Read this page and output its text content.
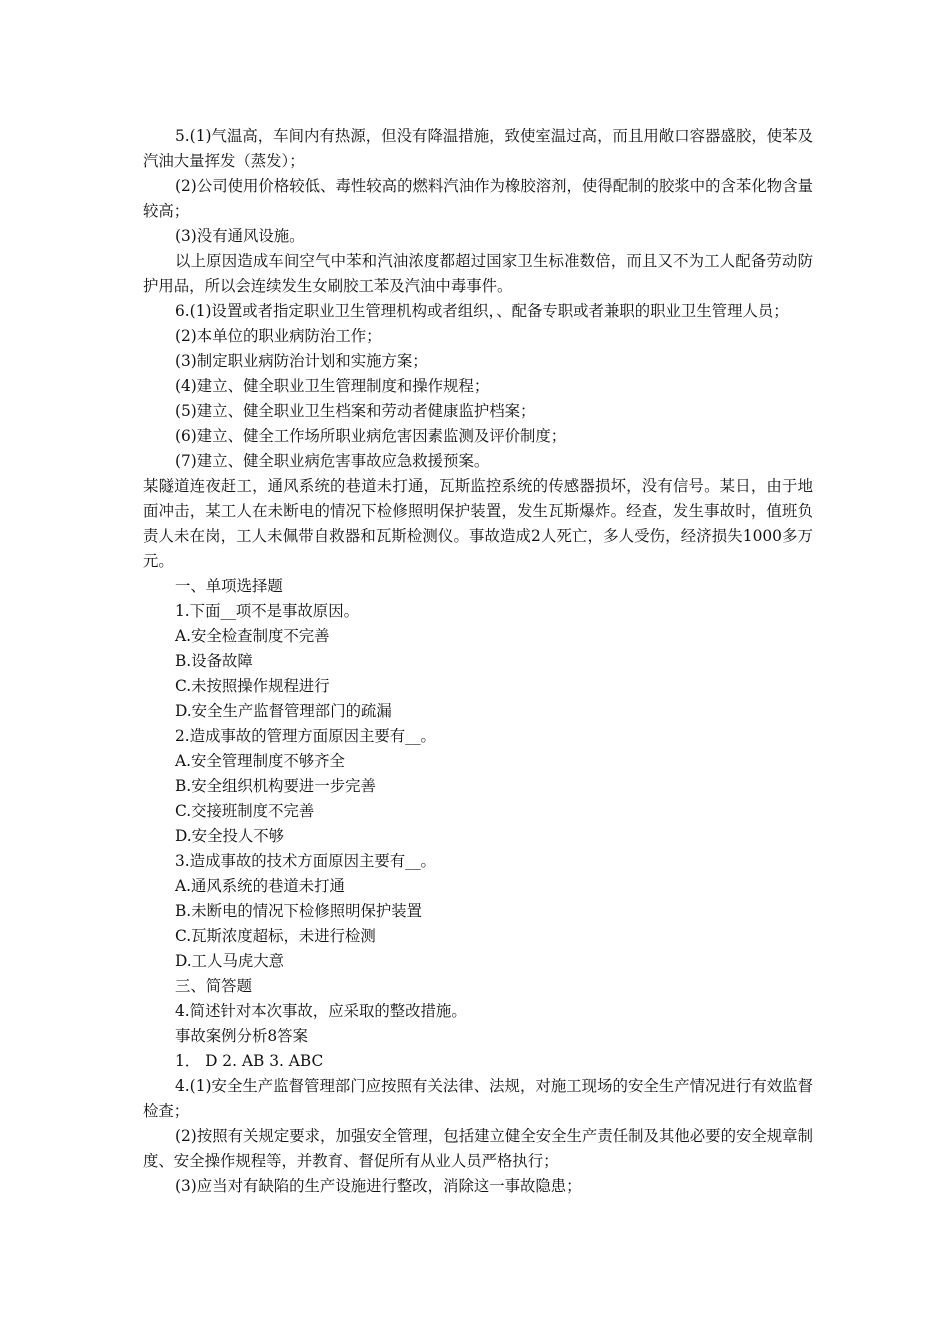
5.(1)气温高，车间内有热源，但没有降温措施，致使室温过高，而且用敞口容器盛胶，使苯及汽油大量挥发（蒸发）；

(2)公司使用价格较低、毒性较高的燃料汽油作为橡胶溶剂，使得配制的胶浆中的含苯化物含量较高；

(3)没有通风设施。

以上原因造成车间空气中苯和汽油浓度都超过国家卫生标准数倍，而且又不为工人配备劳动防护用品，所以会连续发生女刷胶工苯及汽油中毒事件。

6.(1)设置或者指定职业卫生管理机构或者组织，、配备专职或者兼职的职业卫生管理人员；

(2)本单位的职业病防治工作；

(3)制定职业病防治计划和实施方案；

(4)建立、健全职业卫生管理制度和操作规程；

(5)建立、健全职业卫生档案和劳动者健康监护档案；

(6)建立、健全工作场所职业病危害因素监测及评价制度；

(7)建立、健全职业病危害事故应急救援预案。

某隧道连夜赶工，通风系统的巷道未打通，瓦斯监控系统的传感器损坏，没有信号。某日，由于地面冲击，某工人在未断电的情况下检修照明保护装置，发生瓦斯爆炸。经查，发生事故时，值班负责人未在岗，工人未佩带自救器和瓦斯检测仪。事故造成2人死亡，多人受伤，经济损失1000多万元。

一、单项选择题

1.下面__项不是事故原因。

A.安全检查制度不完善

B.设备故障

C.未按照操作规程进行

D.安全生产监督管理部门的疏漏

2.造成事故的管理方面原因主要有__。

A.安全管理制度不够齐全

B.安全组织机构要进一步完善

C.交接班制度不完善

D.安全投人不够

3.造成事故的技术方面原因主要有__。

A.通风系统的巷道未打通

B.未断电的情况下检修照明保护装置

C.瓦斯浓度超标，未进行检测

D.工人马虎大意

三、简答题

4.简述针对本次事故，应采取的整改措施。

事故案例分析8答案

1． D 2. AB 3. ABC

4.(1)安全生产监督管理部门应按照有关法律、法规，对施工现场的安全生产情况进行有效监督检查；

(2)按照有关规定要求，加强安全管理，包括建立健全安全生产责任制及其他必要的安全规章制度、安全操作规程等，并教育、督促所有从业人员严格执行；

(3)应当对有缺陷的生产设施进行整改，消除这一事故隐患；
